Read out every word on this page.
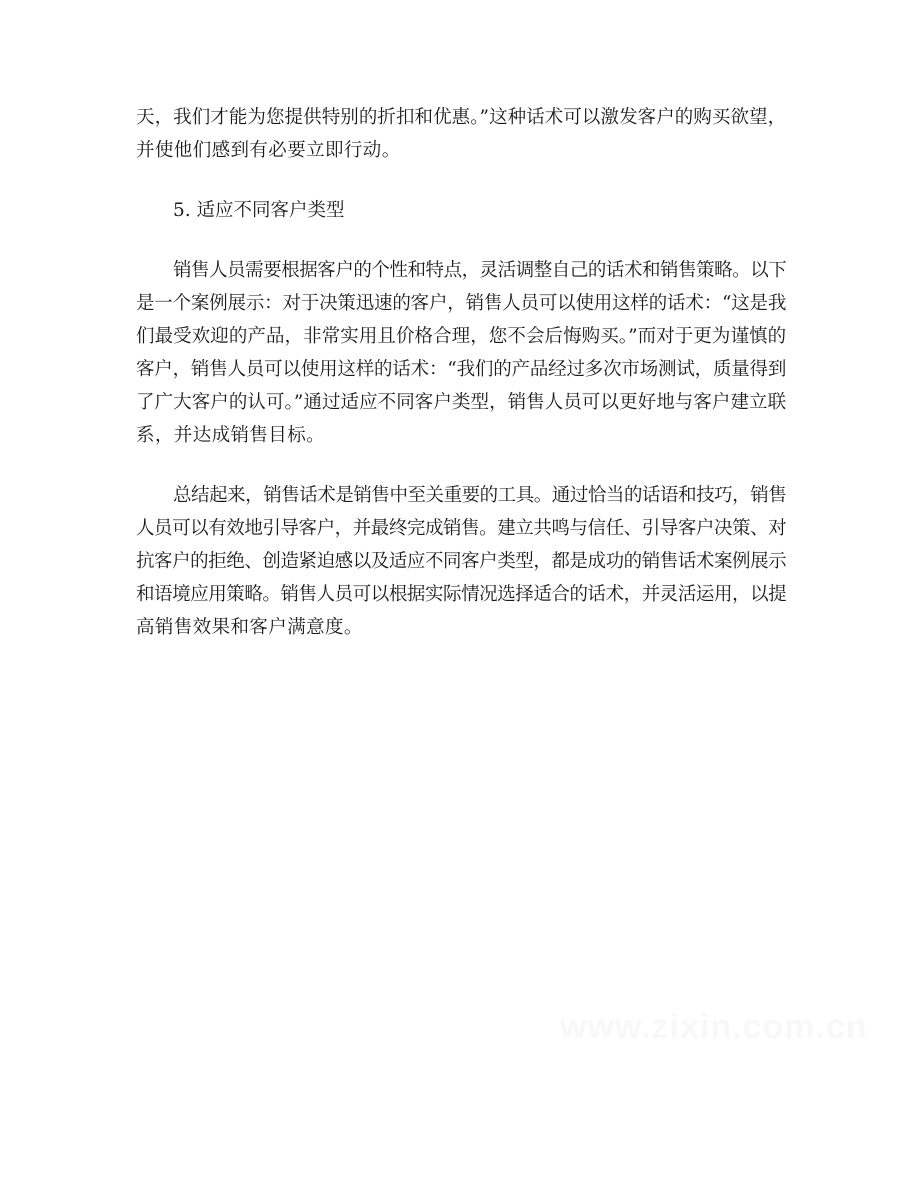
天，我们才能为您提供特别的折扣和优惠。”这种话术可以激发客户的购买欲望，
并使他们感到有必要立即行动。

5. 适应不同客户类型

销售人员需要根据客户的个性和特点，灵活调整自己的话术和销售策略。以下
是一个案例展示：对于决策迅速的客户，销售人员可以使用这样的话术：“这是我
们最受欢迎的产品，非常实用且价格合理，您不会后悔购买。”而对于更为谨慎的
客户，销售人员可以使用这样的话术：“我们的产品经过多次市场测试，质量得到
了广大客户的认可。”通过适应不同客户类型，销售人员可以更好地与客户建立联
系，并达成销售目标。

总结起来，销售话术是销售中至关重要的工具。通过恰当的话语和技巧，销售
人员可以有效地引导客户，并最终完成销售。建立共鸣与信任、引导客户决策、对
抗客户的拒绝、创造紧迫感以及适应不同客户类型，都是成功的销售话术案例展示
和语境应用策略。销售人员可以根据实际情况选择适合的话术，并灵活运用，以提
高销售效果和客户满意度。

www.zixin.com.cn
